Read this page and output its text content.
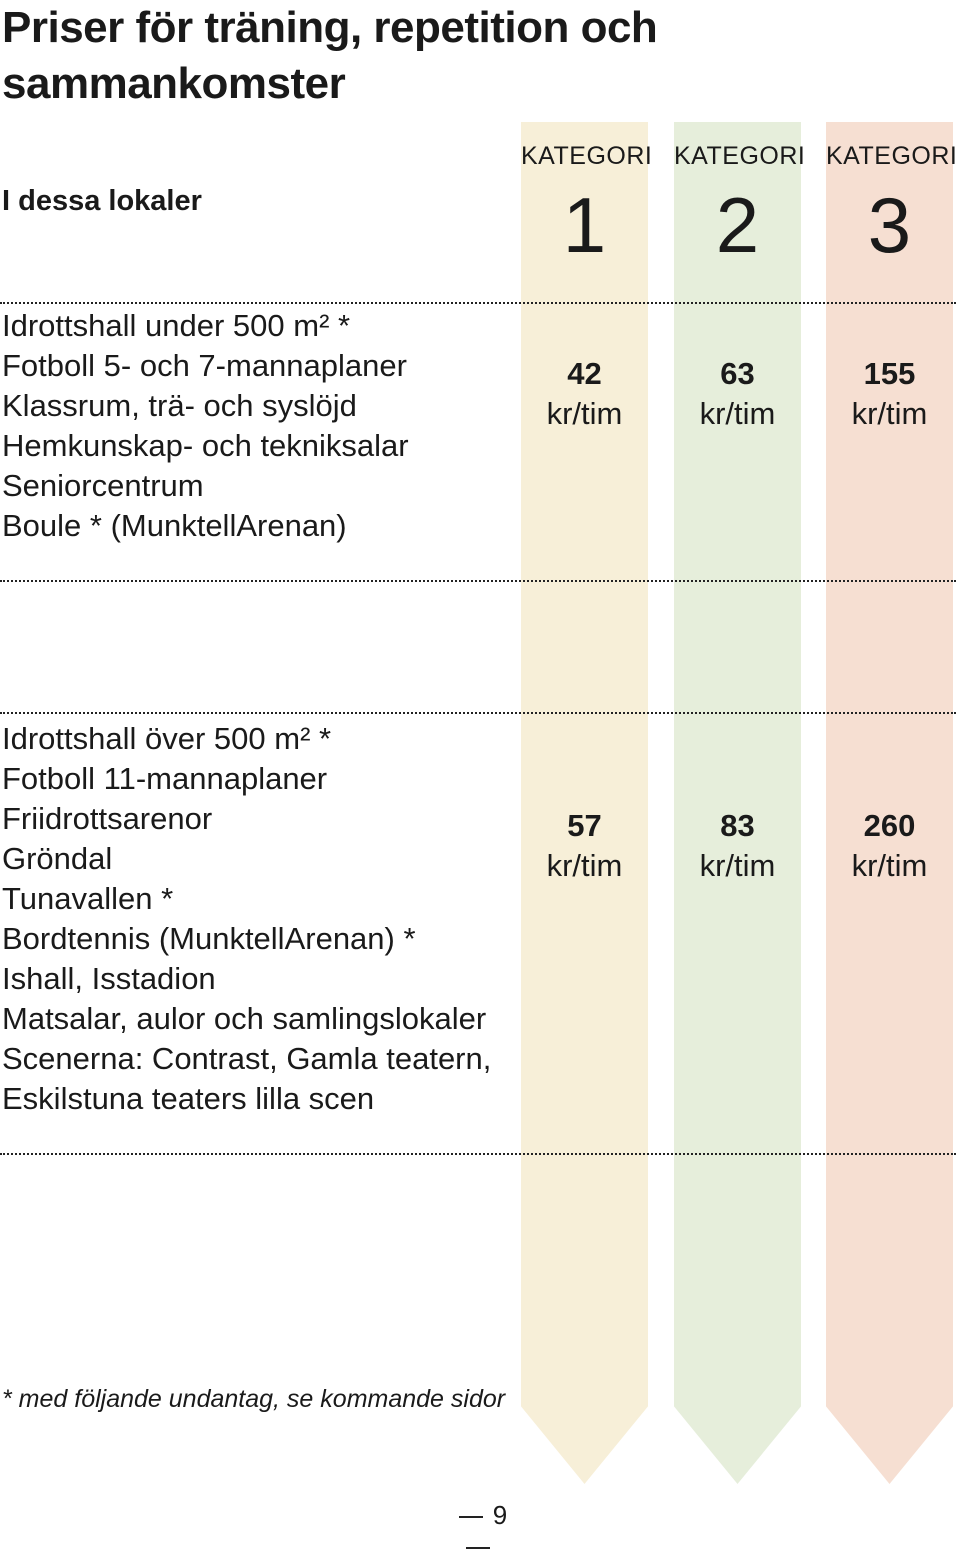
Priser för träning, repetition och sammankomster
I dessa lokaler
KATEGORI
1
KATEGORI
2
KATEGORI
3
Idrottshall under 500 m² *
Fotboll 5- och 7-mannaplaner
Klassrum, trä- och syslöjd
Hemkunskap- och tekniksalar
Seniorcentrum
Boule * (MunktellArenan)
42
kr/tim
63
kr/tim
155
kr/tim
Idrottshall över 500 m² *
Fotboll 11-mannaplaner
Friidrottsarenor
Gröndal
Tunavallen *
Bordtennis (MunktellArenan) *
Ishall, Isstadion
Matsalar, aulor och samlingslokaler
Scenerna: Contrast, Gamla teatern,
Eskilstuna teaters lilla scen
57
kr/tim
83
kr/tim
260
kr/tim
* med följande undantag, se kommande sidor
9
